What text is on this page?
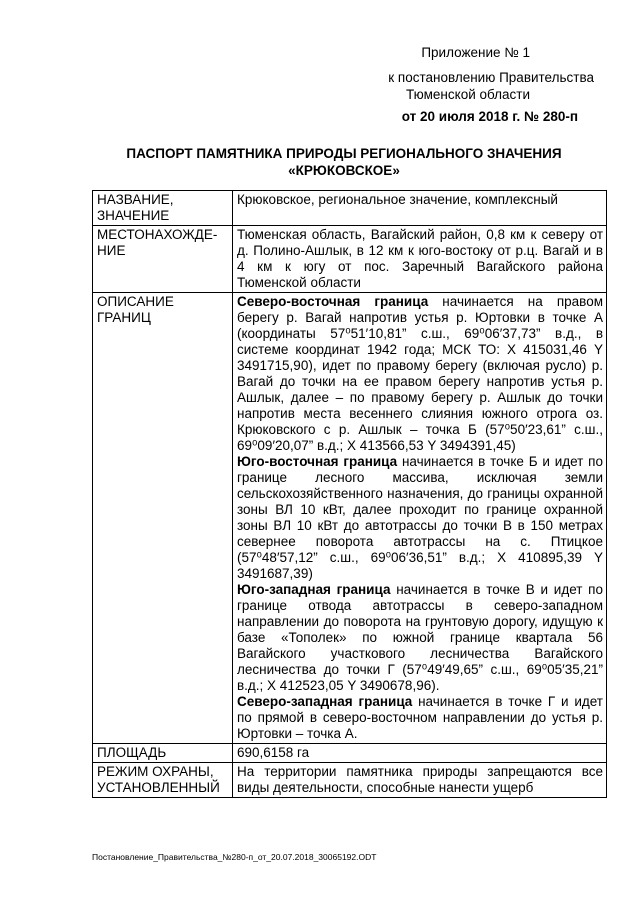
Приложение № 1
к постановлению Правительства
Тюменской области
от 20 июля 2018 г. № 280-п
ПАСПОРТ ПАМЯТНИКА ПРИРОДЫ РЕГИОНАЛЬНОГО ЗНАЧЕНИЯ
«КРЮКОВСКОЕ»
НАЗВАНИЕ, ЗНАЧЕНИЕ	Крюковское, региональное значение, комплексный
МЕСТОНАХОЖДЕ-НИЕ	Тюменская область, Вагайский район, 0,8 км к северу от д. Полино-Ашлык, в 12 км к юго-востоку от р.ц. Вагай и в 4 км к югу от пос. Заречный Вагайского района Тюменской области
ОПИСАНИЕ ГРАНИЦ	Северо-восточная граница начинается на правом берегу р. Вагай напротив устья р. Юртовки в точке А (координаты 57⁰51′10,81” с.ш., 69⁰06′37,73” в.д., в системе координат 1942 года; МСК ТО: Х 415031,46 Y 3491715,90), идет по правому берегу (включая русло) р. Вагай до точки на ее правом берегу напротив устья р. Ашлык, далее – по правому берегу р. Ашлык до точки напротив места весеннего слияния южного отрога оз. Крюковского с р. Ашлык – точка Б (57⁰50′23,61” с.ш., 69⁰09′20,07” в.д.; Х 413566,53 Y 3494391,45)
Юго-восточная граница начинается в точке Б и идет по границе лесного массива, исключая земли сельскохозяйственного назначения, до границы охранной зоны ВЛ 10 кВт, далее проходит по границе охранной зоны ВЛ 10 кВт до автотрассы до точки В в 150 метрах севернее поворота автотрассы на с. Птицкое (57⁰48′57,12” с.ш., 69⁰06′36,51” в.д.; Х 410895,39 Y 3491687,39)
Юго-западная граница начинается в точке В и идет по границе отвода автотрассы в северо-западном направлении до поворота на грунтовую дорогу, идущую к базе «Тополек» по южной границе квартала 56 Вагайского участкового лесничества Вагайского лесничества до точки Г (57⁰49′49,65” с.ш., 69⁰05′35,21” в.д.; Х 412523,05 Y 3490678,96).
Северо-западная граница начинается в точке Г и идет по прямой в северо-восточном направлении до устья р. Юртовки – точка А.

ПЛОЩАДЬ	690,6158 га
РЕЖИМ ОХРАНЫ, УСТАНОВЛЕННЫЙ	На территории памятника природы запрещаются все виды деятельности, способные нанести ущерб
Постановление_Правительства_№280-п_от_20.07.2018_30065192.ODT
